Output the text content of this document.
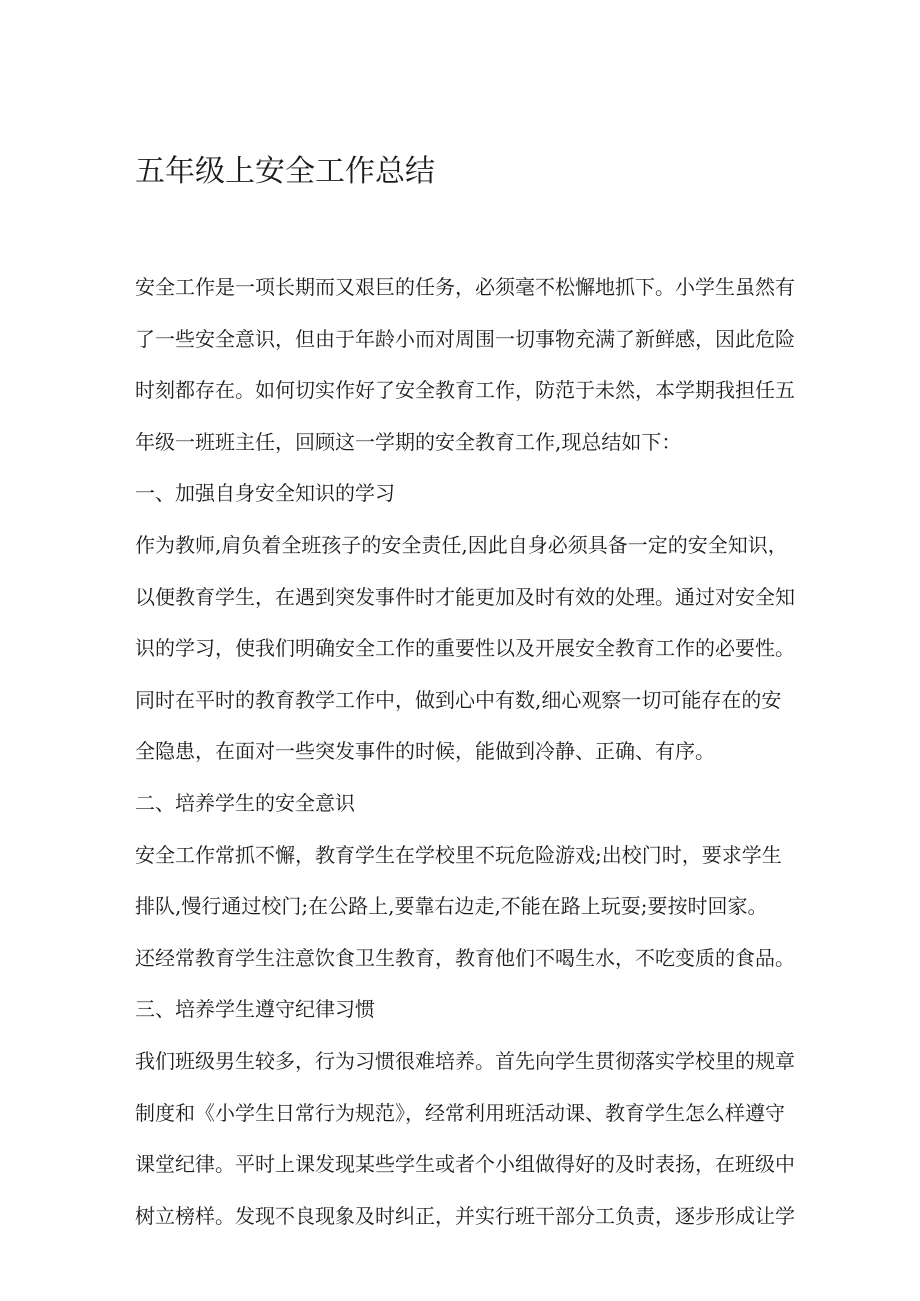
五年级上安全工作总结

安全工作是一项长期而又艰巨的任务，必须毫不松懈地抓下。小学生虽然有

了一些安全意识，但由于年龄小而对周围一切事物充满了新鲜感，因此危险

时刻都存在。如何切实作好了安全教育工作，防范于未然，本学期我担任五

年级一班班主任，回顾这一学期的安全教育工作,现总结如下：

一、加强自身安全知识的学习

作为教师,肩负着全班孩子的安全责任,因此自身必须具备一定的安全知识，

以便教育学生，在遇到突发事件时才能更加及时有效的处理。通过对安全知

识的学习，使我们明确安全工作的重要性以及开展安全教育工作的必要性。

同时在平时的教育教学工作中，做到心中有数,细心观察一切可能存在的安

全隐患，在面对一些突发事件的时候，能做到冷静、正确、有序。

二、培养学生的安全意识

安全工作常抓不懈，教育学生在学校里不玩危险游戏;出校门时，要求学生

排队,慢行通过校门;在公路上,要靠右边走,不能在路上玩耍;要按时回家。

还经常教育学生注意饮食卫生教育，教育他们不喝生水，不吃变质的食品。

三、培养学生遵守纪律习惯

我们班级男生较多，行为习惯很难培养。首先向学生贯彻落实学校里的规章

制度和《小学生日常行为规范》，经常利用班活动课、教育学生怎么样遵守

课堂纪律。平时上课发现某些学生或者个小组做得好的及时表扬，在班级中

树立榜样。发现不良现象及时纠正，并实行班干部分工负责，逐步形成让学
